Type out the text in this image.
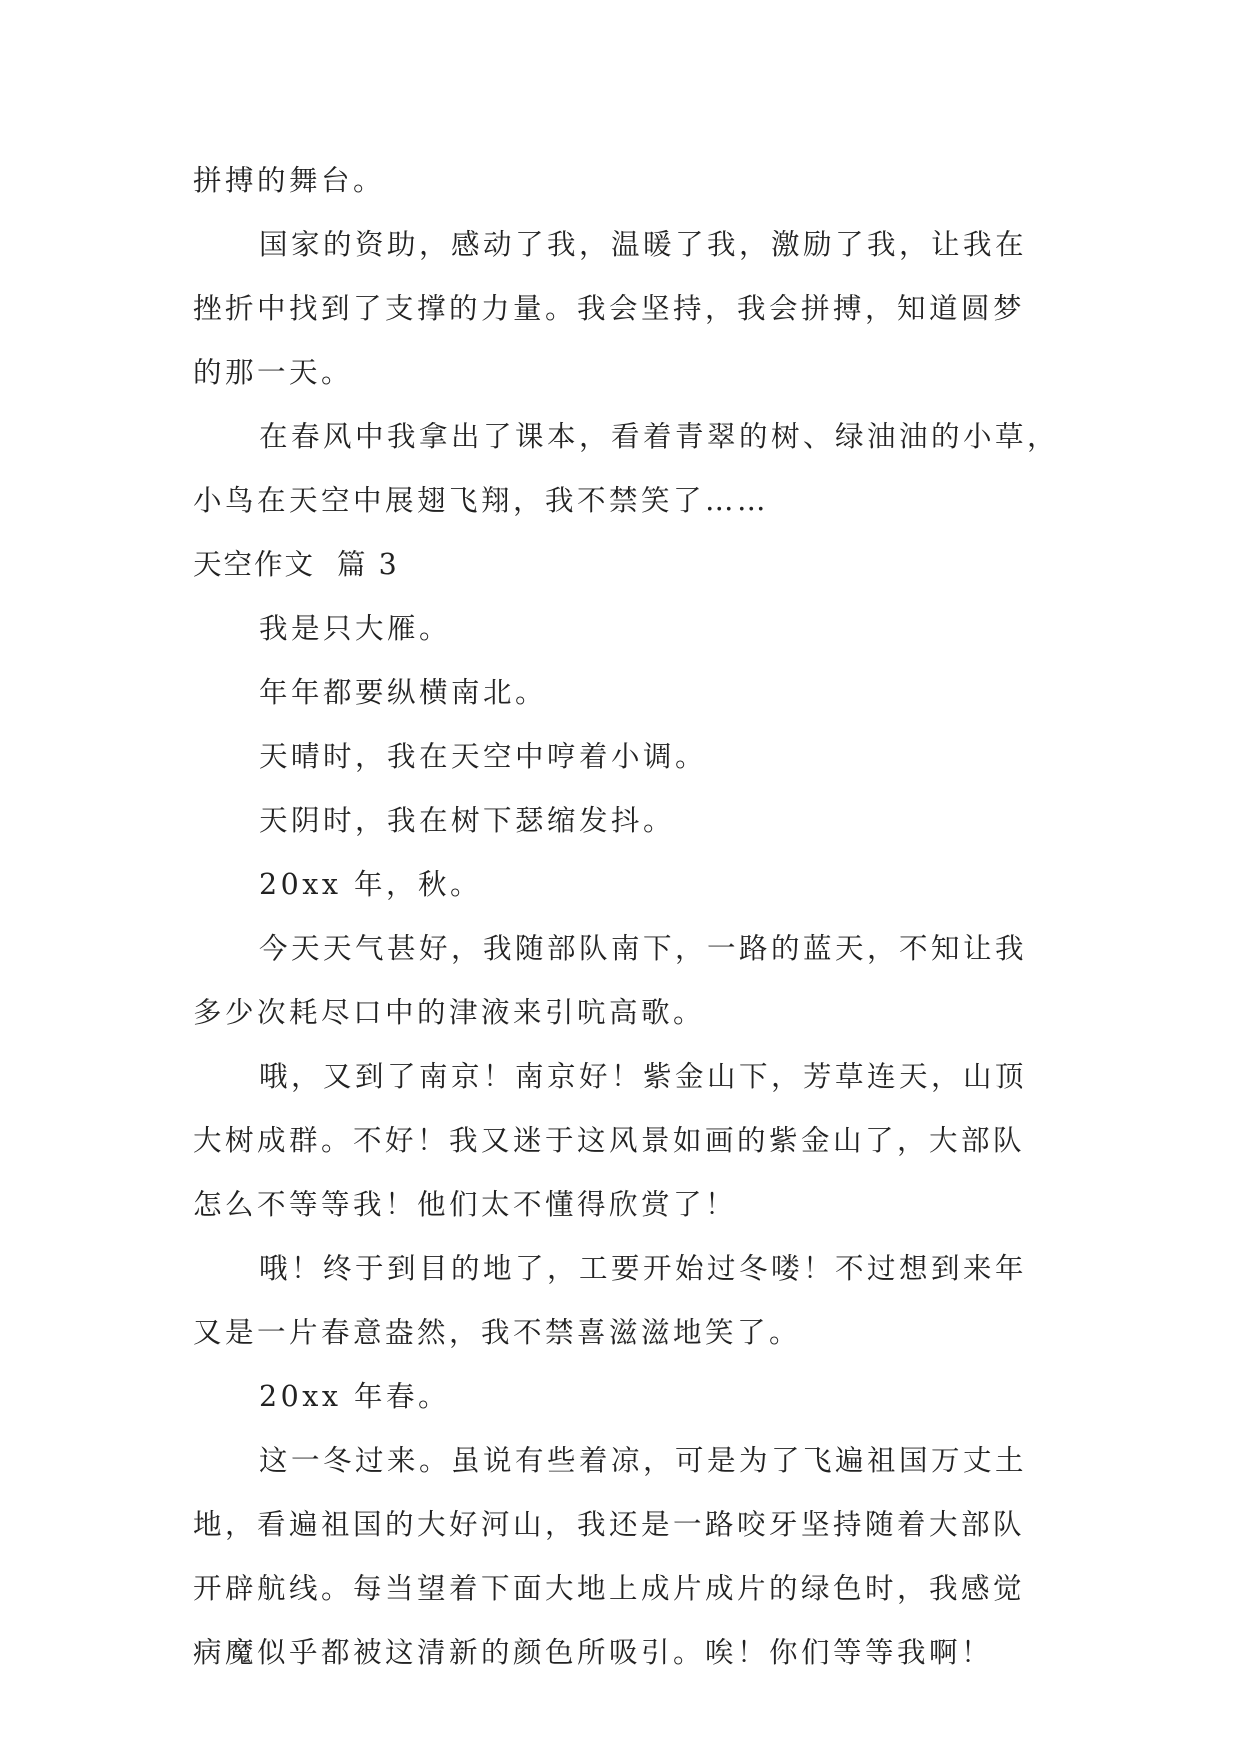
拼搏的舞台。
国家的资助，感动了我，温暖了我，激励了我，让我在
挫折中找到了支撑的力量。我会坚持，我会拼搏，知道圆梦
的那一天。
在春风中我拿出了课本，看着青翠的树、绿油油的小草，
小鸟在天空中展翅飞翔，我不禁笑了……
天空作文 篇 3
我是只大雁。
年年都要纵横南北。
天晴时，我在天空中哼着小调。
天阴时，我在树下瑟缩发抖。
20xx 年，秋。
今天天气甚好，我随部队南下，一路的蓝天，不知让我
多少次耗尽口中的津液来引吭高歌。
哦，又到了南京！南京好！紫金山下，芳草连天，山顶
大树成群。不好！我又迷于这风景如画的紫金山了，大部队
怎么不等等我！他们太不懂得欣赏了！
哦！终于到目的地了，工要开始过冬喽！不过想到来年
又是一片春意盎然，我不禁喜滋滋地笑了。
20xx 年春。
这一冬过来。虽说有些着凉，可是为了飞遍祖国万丈土
地，看遍祖国的大好河山，我还是一路咬牙坚持随着大部队
开辟航线。每当望着下面大地上成片成片的绿色时，我感觉
病魔似乎都被这清新的颜色所吸引。唉！你们等等我啊！
